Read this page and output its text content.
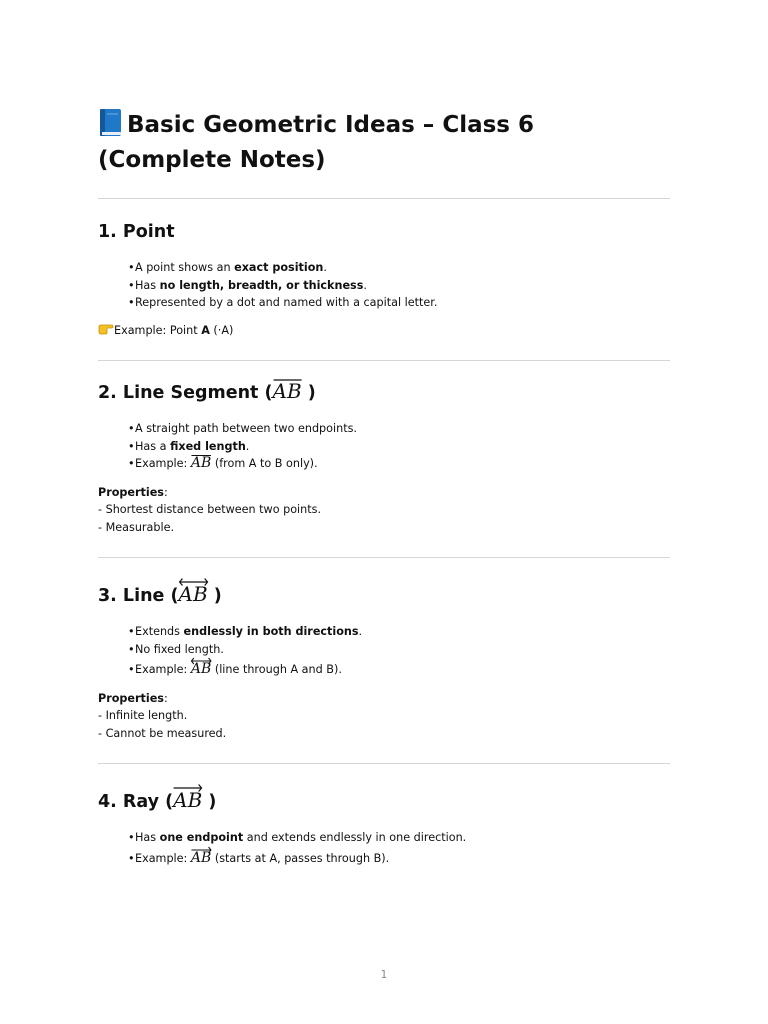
Basic Geometric Ideas – Class 6 (Complete Notes)
1. Point
•A point shows an exact position.
•Has no length, breadth, or thickness.
•Represented by a dot and named with a capital letter.

Example: Point A (·A)

2. Line Segment (AB )
•A straight path between two endpoints.
•Has a fixed length.
•Example: AB
(from A to B only).

Properties:

- Shortest distance between two points.

- Measurable.

3. Line (AB )
•Extends endlessly in both directions.
•No fixed length.
•Example: AB
(line through A and B).

Properties:

- Infinite length.

- Cannot be measured.

4. Ray (AB )
•Has one endpoint and extends endlessly in one direction.
•Example: AB
(starts at A, passes through B).
1
